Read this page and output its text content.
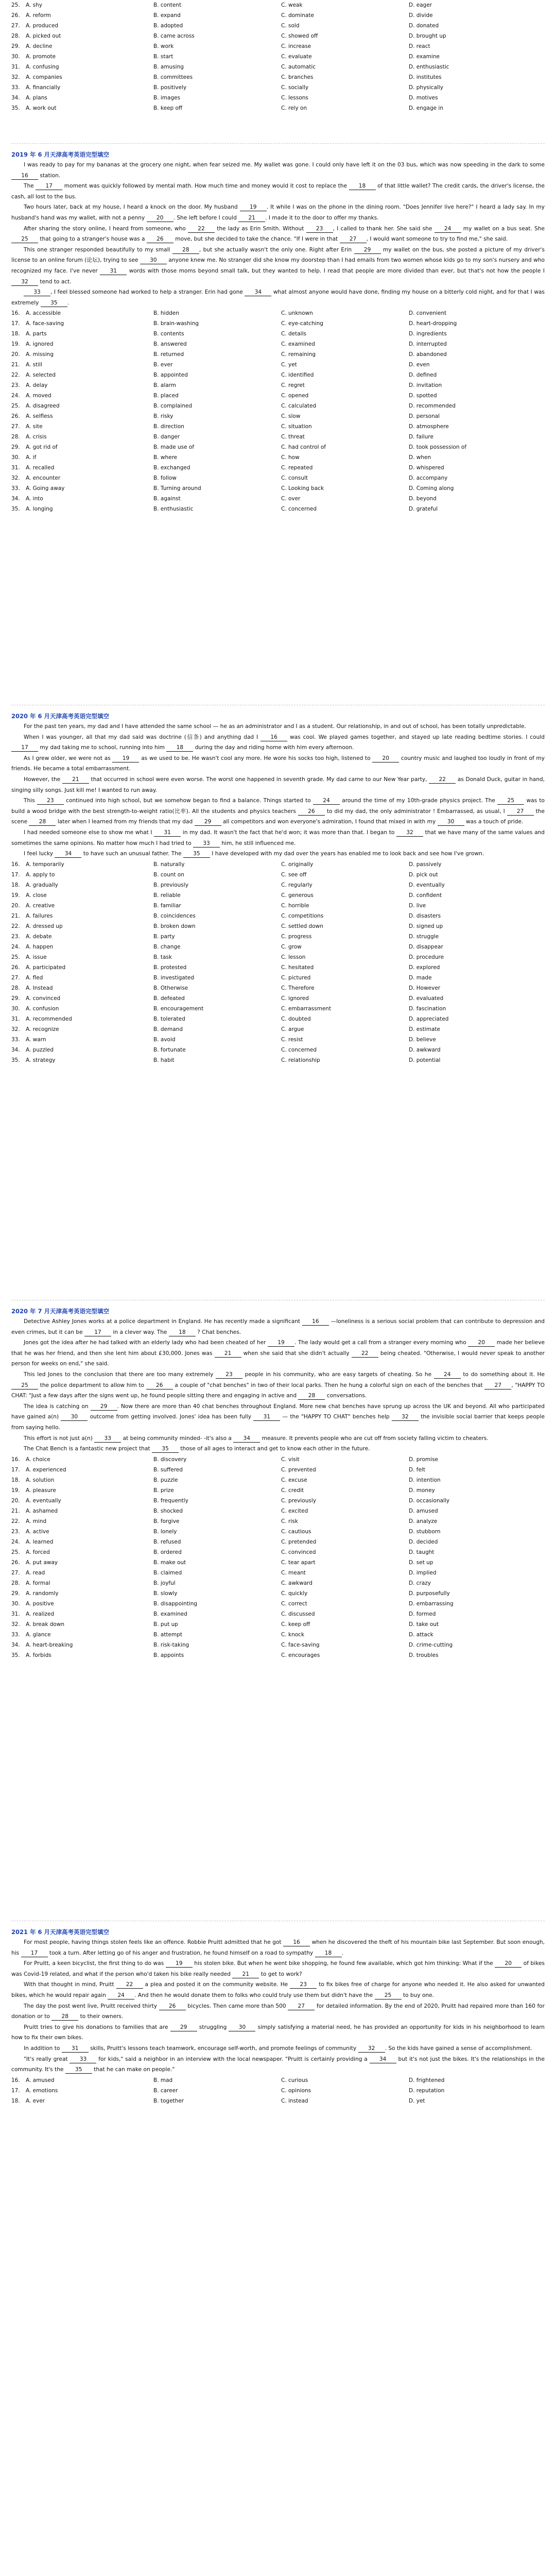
25.	A. shy	B. content	C. weak	D. eager
26.	A. reform	B. expand	C. dominate	D. divide
27.	A. produced	B. adopted	C. sold	D. donated
28.	A. picked out	B. came across	C. showed off	D. brought up
29.	A. decline	B. work	C. increase	D. react
30.	A. promote	B. start	C. evaluate	D. examine
31.	A. confusing	B. amusing	C. automatic	D. enthusiastic
32.	A. companies	B. committees	C. branches	D. institutes
33.	A. financially	B. positively	C. socially	D. physically
34.	A. plans	B. images	C. lessons	D. motives
35.	A. work out	B. keep off	C. rely on	D. engage in
2019 年 6 月天津高考英语完型填空

I was ready to pay for my bananas at the grocery one night, when fear seized me. My wallet was gone. I could only have left it on the 03 bus, which was now speeding in the dark to some 16 station.

The 17 moment was quickly followed by mental math. How much time and money would it cost to replace the 18 of that little wallet? The credit cards, the driver's license, the cash, all lost to the bus.

Two hours later, back at my house, I heard a knock on the door. My husband 19 . It while I was on the phone in the dining room. "Does Jennifer live here?" I heard a lady say. In my husband's hand was my wallet, with not a penny 20 . She left before I could 21 . I made it to the door to offer my thanks.

After sharing the story online, I heard from someone, who 22 the lady as Erin Smith. Without 23 , I called to thank her. She said she 24 my wallet on a bus seat. She 25 that going to a stranger's house was a 26 move, but she decided to take the chance. "If I were in that 27 , I would want someone to try to find me," she said.

This one stranger responded beautifully to my small 28 , but she actually wasn't the only one. Right after Erin 29 my wallet on the bus, she posted a picture of my driver's license to an online forum (论坛), trying to see 30 anyone knew me. No stranger did she know my doorstep than I had emails from two women whose kids go to my son's nursery and who recognized my face. I've never 31 words with those moms beyond small talk, but they wanted to help. I read that people are more divided than ever, but that's not how the people I 32 tend to act.

33 , I feel blessed someone had worked to help a stranger. Erin had gone 34 what almost anyone would have done, finding my house on a bitterly cold night, and for that I was extremely 35 .

16.	A. accessible	B. hidden	C. unknown	D. convenient
17.	A. face-saving	B. brain-washing	C. eye-catching	D. heart-dropping
18.	A. parts	B. contents	C. details	D. ingredients
19.	A. ignored	B. answered	C. examined	D. interrupted
20.	A. missing	B. returned	C. remaining	D. abandoned
21.	A. still	B. ever	C. yet	D. even
22.	A. selected	B. appointed	C. identified	D. defined
23.	A. delay	B. alarm	C. regret	D. invitation
24.	A. moved	B. placed	C. opened	D. spotted
25.	A. disagreed	B. complained	C. calculated	D. recommended
26.	A. selfless	B. risky	C. slow	D. personal
27.	A. site	B. direction	C. situation	D. atmosphere
28.	A. crisis	B. danger	C. threat	D. failure
29.	A. got rid of	B. made use of	C. had control of	D. took possession of
30.	A. if	B. where	C. how	D. when
31.	A. recalled	B. exchanged	C. repeated	D. whispered
32.	A. encounter	B. follow	C. consult	D. accompany
33.	A. Going away	B. Turning around	C. Looking back	D. Coming along
34.	A. into	B. against	C. over	D. beyond
35.	A. longing	B. enthusiastic	C. concerned	D. grateful
2020 年 6 月天津高考英语完型填空

For the past ten years, my dad and I have attended the same school — he as an administrator and I as a student. Our relationship, in and out of school, has been totally unpredictable.

When I was younger, all that my dad said was doctrine (信条) and anything dad I 16 was cool. We played games together, and stayed up late reading bedtime stories. I could 17 my dad taking me to school, running into him 18 during the day and riding home with him every afternoon.

As I grew older, we were not as 19 as we used to be. He wasn't cool any more. He wore his socks too high, listened to 20 country music and laughed too loudly in front of my friends. He became a total embarrassment.

However, the 21 that occurred in school were even worse. The worst one happened in seventh grade. My dad came to our New Year party, 22 as Donald Duck, guitar in hand, singing silly songs. Just kill me! I wanted to run away.

This 23 continued into high school, but we somehow began to find a balance. Things started to 24 around the time of my 10th-grade physics project. The 25 was to build a wood bridge with the best strength-to-weight ratio(比率). All the students and physics teachers 26 to did my dad, the only administrator ! Embarrassed, as usual, I 27 the scene 28 later when I learned from my friends that my dad 29 all competitors and won everyone's admiration, I found that mixed in with my 30 was a touch of pride.

I had needed someone else to show me what I 31 in my dad. It wasn't the fact that he'd won; it was more than that. I began to 32 that we have many of the same values and sometimes the same opinions. No matter how much I had tried to 33 him, he still influenced me.

I feel lucky 34 to have such an unusual father. The 35 I have developed with my dad over the years has enabled me to look back and see how I've grown.

16.	A. temporarily	B. naturally	C. originally	D. passively
17.	A. apply to	B. count on	C. see off	D. pick out
18.	A. gradually	B. previously	C. regularly	D. eventually
19.	A. close	B. reliable	C. generous	D. confident
20.	A. creative	B. familiar	C. horrible	D. live
21.	A. failures	B. coincidences	C. competitions	D. disasters
22.	A. dressed up	B. broken down	C. settled down	D. signed up
23.	A. debate	B. party	C. progress	D. struggle
24.	A. happen	B. change	C. grow	D. disappear
25.	A. issue	B. task	C. lesson	D. procedure
26.	A. participated	B. protested	C. hesitated	D. explored
27.	A. fled	B. investigated	C. pictured	D. made
28.	A. Instead	B. Otherwise	C. Therefore	D. However
29.	A. convinced	B. defeated	C. ignored	D. evaluated
30.	A. confusion	B. encouragement	C. embarrassment	D. fascination
31.	A. recommended	B. tolerated	C. doubted	D. appreciated
32.	A. recognize	B. demand	C. argue	D. estimate
33.	A. warn	B. avoid	C. resist	D. believe
34.	A. puzzled	B. fortunate	C. concerned	D. awkward
35.	A. strategy	B. habit	C. relationship	D. potential
2020 年 7 月天津高考英语完型填空

Detective Ashley Jones works at a police department in England. He has recently made a significant 16 —loneliness is a serious social problem that can contribute to depression and even crimes, but it can be 17 in a clever way. The 18 ? Chat benches.

Jones got the idea after he had talked with an elderly lady who had been cheated of her 19 . The lady would get a call from a stranger every morning who 20 made her believe that he was her friend, and then she lent him about £30,000. Jones was 21 when she said that she didn't actually 22 being cheated. "Otherwise, I would never speak to another person for weeks on end," she said.

This led Jones to the conclusion that there are too many extremely 23 people in his community, who are easy targets of cheating. So he 24 to do something about it. He 25 the police department to allow him to 26 a couple of "chat benches" in two of their local parks. Then he hung a colorful sign on each of the benches that 27 , "HAPPY TO CHAT: "Just a few days after the signs went up, he found people sitting there and engaging in active and 28 conversations.

The idea is catching on 29 . Now there are more than 40 chat benches throughout England. More new chat benches have sprung up across the UK and beyond. All who participated have gained a(n) 30 outcome from getting involved. Jones' idea has been fully 31 — the "HAPPY TO CHAT" benches help 32 the invisible social barrier that keeps people from saying hello.

This effort is not just a(n) 33 at being community minded- -it's also a 34 measure. It prevents people who are cut off from society falling victim to cheaters.

The Chat Bench is a fantastic new project that 35 those of all ages to interact and get to know each other in the future.

16.	A. choice	B. discovery	C. visit	D. promise
17.	A. experienced	B. suffered	C. prevented	D. felt
18.	A. solution	B. puzzle	C. excuse	D. intention
19.	A. pleasure	B. prize	C. credit	D. money
20.	A. eventually	B. frequently	C. previously	D. occasionally
21.	A. ashamed	B. shocked	C. excited	D. amused
22.	A. mind	B. forgive	C. risk	D. analyze
23.	A. active	B. lonely	C. cautious	D. stubborn
24.	A. learned	B. refused	C. pretended	D. decided
25.	A. forced	B. ordered	C. convinced	D. taught
26.	A. put away	B. make out	C. tear apart	D. set up
27.	A. read	B. claimed	C. meant	D. implied
28.	A. formal	B. joyful	C. awkward	D. crazy
29.	A. randomly	B. slowly	C. quickly	D. purposefully
30.	A. positive	B. disappointing	C. correct	D. embarrassing
31.	A. realized	B. examined	C. discussed	D. formed
32.	A. break down	B. put up	C. keep off	D. take out
33.	A. glance	B. attempt	C. knock	D. attack
34.	A. heart-breaking	B. risk-taking	C. face-saving	D. crime-cutting
35.	A. forbids	B. appoints	C. encourages	D. troubles
2021 年 6 月天津高考英语完型填空

For most people, having things stolen feels like an offence. Robbie Pruitt admitted that he got 16 when he discovered the theft of his mountain bike last September. But soon enough, his 17 took a turn. After letting go of his anger and frustration, he found himself on a road to sympathy 18 .

For Pruitt, a keen bicyclist, the first thing to do was 19 his stolen bike. But when he went bike shopping, he found few available, which got him thinking: What if the 20 of bikes was Covid-19 related, and what if the person who'd taken his bike really needed 21 to get to work?

With that thought in mind, Pruitt 22 a plea and posted it on the community website. He 23 to fix bikes free of charge for anyone who needed it. He also asked for unwanted bikes, which he would repair again 24 . And then he would donate them to folks who could truly use them but didn't have the 25 to buy one.

The day the post went live, Pruitt received thirty 26 bicycles. Then came more than 500 27 for detailed information. By the end of 2020, Pruitt had repaired more than 160 for donation or to 28 to their owners.

Pruitt tries to give his donations to families that are 29 struggling 30 simply satisfying a material need, he has provided an opportunity for kids in his neighborhood to learn how to fix their own bikes.

In addition to 31 skills, Pruitt's lessons teach teamwork, encourage self-worth, and promote feelings of community 32 . So the kids have gained a sense of accomplishment.

"It's really great 33 for kids," said a neighbor in an interview with the local newspaper. "Pruitt is certainly providing a 34 but it's not just the bikes. It's the relationships in the community. It's the 35 that he can make on people."

16.	A. amused	B. mad	C. curious	D. frightened
17.	A. emotions	B. career	C. opinions	D. reputation
18.	A. ever	B. together	C. instead	D. yet
